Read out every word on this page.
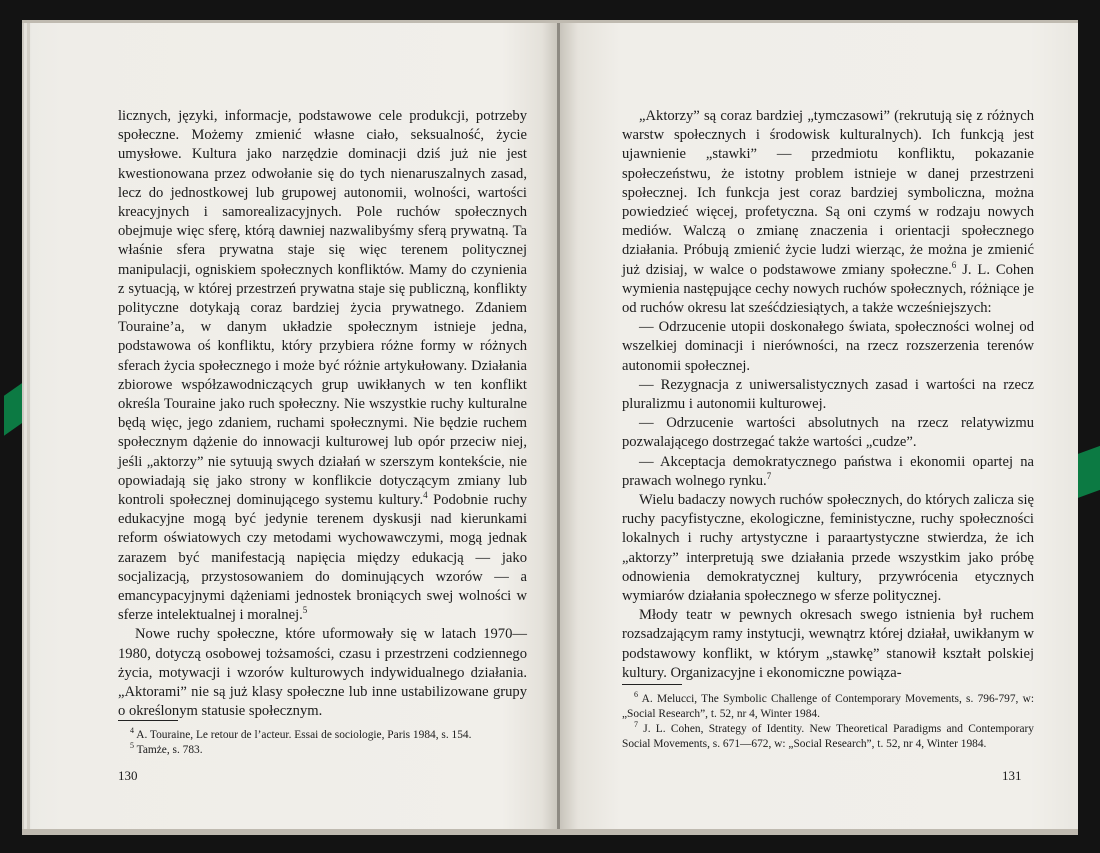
licznych, języki, informacje, podstawowe cele produkcji, potrzeby społeczne. Możemy zmienić własne ciało, seksualność, życie umysłowe. Kultura jako narzędzie dominacji dziś już nie jest kwestionowana przez odwołanie się do tych nienaruszalnych zasad, lecz do jednostkowej lub grupowej autonomii, wolności, wartości kreacyjnych i samorealizacyjnych. Pole ruchów społecznych obejmuje więc sferę, którą dawniej nazwalibyśmy sferą prywatną. Ta właśnie sfera prywatna staje się więc terenem politycznej manipulacji, ogniskiem społecznych konfliktów. Mamy do czynienia z sytuacją, w której przestrzeń prywatna staje się publiczną, konflikty polityczne dotykają coraz bardziej życia prywatnego. Zdaniem Touraine’a, w danym układzie społecznym istnieje jedna, podstawowa oś konfliktu, który przybiera różne formy w różnych sferach życia społecznego i może być różnie artykułowany. Działania zbiorowe współzawodniczących grup uwikłanych w ten konflikt określa Touraine jako ruch społeczny. Nie wszystkie ruchy kulturalne będą więc, jego zdaniem, ruchami społecznymi. Nie będzie ruchem społecznym dążenie do innowacji kulturowej lub opór przeciw niej, jeśli „aktorzy” nie sytuują swych działań w szerszym kontekście, nie opowiadają się jako strony w konflikcie dotyczącym zmiany lub kontroli społecznej dominującego systemu kultury.$^4$ Podobnie ruchy edukacyjne mogą być jedynie terenem dyskusji nad kierunkami reform oświatowych czy metodami wychowawczymi, mogą jednak zarazem być manifestacją napięcia między edukacją — jako socjalizacją, przystosowaniem do dominujących wzorów — a emancypacyjnymi dążeniami jednostek broniących swej wolności w sferze intelektualnej i moralnej.$^5$

Nowe ruchy społeczne, które uformowały się w latach 1970—1980, dotyczą osobowej tożsamości, czasu i przestrzeni codziennego życia, motywacji i wzorów kulturowych indywidualnego działania. „Aktorami” nie są już klasy społeczne lub inne ustabilizowane grupy o określonym statusie społecznym.

$^4$ A. Touraine, Le retour de l’acteur. Essai de sociologie, Paris 1984, s. 154.

$^5$ Tamże, s. 783.

130

„Aktorzy” są coraz bardziej „tymczasowi” (rekrutują się z różnych warstw społecznych i środowisk kulturalnych). Ich funkcją jest ujawnienie „stawki” — przedmiotu konfliktu, pokazanie społeczeństwu, że istotny problem istnieje w danej przestrzeni społecznej. Ich funkcja jest coraz bardziej symboliczna, można powiedzieć więcej, profetyczna. Są oni czymś w rodzaju nowych mediów. Walczą o zmianę znaczenia i orientacji społecznego działania. Próbują zmienić życie ludzi wierząc, że można je zmienić już dzisiaj, w walce o podstawowe zmiany społeczne.$^6$ J. L. Cohen wymienia następujące cechy nowych ruchów społecznych, różniące je od ruchów okresu lat sześćdziesiątych, a także wcześniejszych:

— Odrzucenie utopii doskonałego świata, społeczności wolnej od wszelkiej dominacji i nierówności, na rzecz rozszerzenia terenów autonomii społecznej.

— Rezygnacja z uniwersalistycznych zasad i wartości na rzecz pluralizmu i autonomii kulturowej.

— Odrzucenie wartości absolutnych na rzecz relatywizmu pozwalającego dostrzegać także wartości „cudze”.

— Akceptacja demokratycznego państwa i ekonomii opartej na prawach wolnego rynku.$^7$

Wielu badaczy nowych ruchów społecznych, do których zalicza się ruchy pacyfistyczne, ekologiczne, feministyczne, ruchy społeczności lokalnych i ruchy artystyczne i paraartystyczne stwierdza, że ich „aktorzy” interpretują swe działania przede wszystkim jako próbę odnowienia demokratycznej kultury, przywrócenia etycznych wymiarów działania społecznego w sferze politycznej.

Młody teatr w pewnych okresach swego istnienia był ruchem rozsadzającym ramy instytucji, wewnątrz której działał, uwikłanym w podstawowy konflikt, w którym „stawkę” stanowił kształt polskiej kultury. Organizacyjne i ekonomiczne powiąza-

$^6$ A. Melucci, The Symbolic Challenge of Contemporary Movements, s. 796-797, w: „Social Research”, t. 52, nr 4, Winter 1984.

$^7$ J. L. Cohen, Strategy of Identity. New Theoretical Paradigms and Contemporary Social Movements, s. 671—672, w: „Social Research”, t. 52, nr 4, Winter 1984.

131
